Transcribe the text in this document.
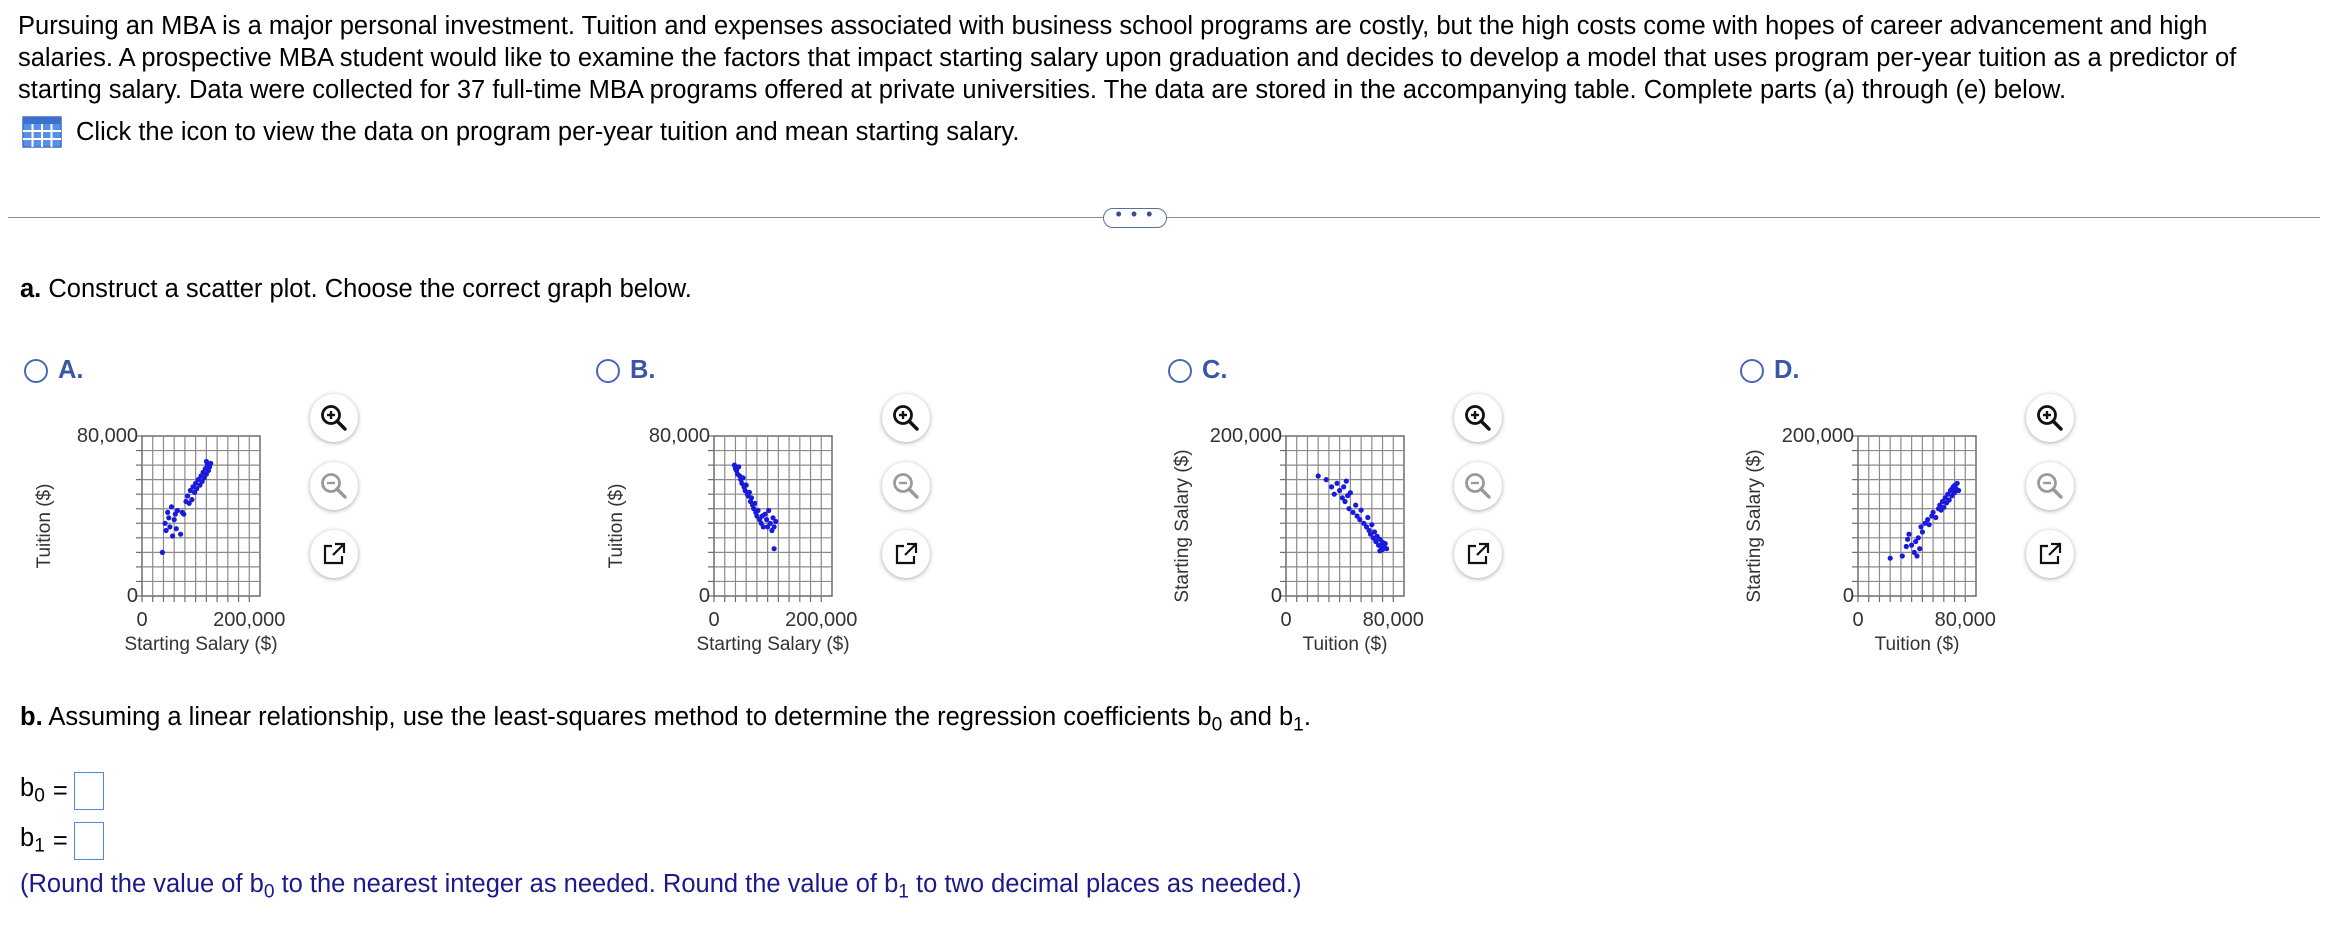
Pursuing an MBA is a major personal investment. Tuition and expenses associated with business school programs are costly, but the high costs come with hopes of career advancement and high salaries. A prospective MBA student would like to examine the factors that impact starting salary upon graduation and decides to develop a model that uses program per-year tuition as a predictor of starting salary. Data were collected for 37 full-time MBA programs offered at private universities. The data are stored in the accompanying table. Complete parts (a) through (e) below.
Click the icon to view the data on program per-year tuition and mean starting salary.
• • •
a. Construct a scatter plot. Choose the correct graph below.
A.
80,000
0
0	200,000
Starting Salary ($)
Tuition ($)
B.
80,000
0
0	200,000
Starting Salary ($)
Tuition ($)
C.
200,000
0
0	80,000
Tuition ($)
Starting Salary ($)
D.
200,000
0
0	80,000
Tuition ($)
Starting Salary ($)
b. Assuming a linear relationship, use the least-squares method to determine the regression coefficients $b_0$ and $b_1$.
$b_0$ =
$b_1$ =
(Round the value of $b_0$ to the nearest integer as needed. Round the value of $b_1$ to two decimal places as needed.)
